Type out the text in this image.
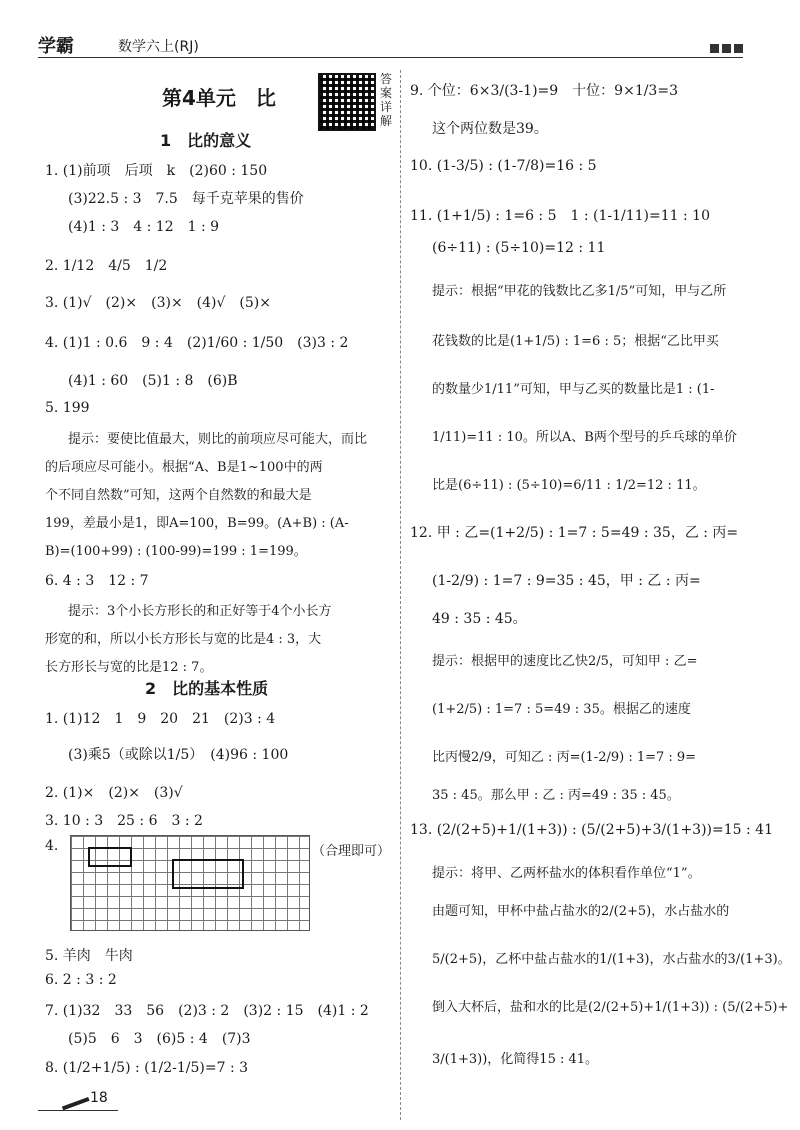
学霸	数学六上(RJ)
第4单元　比
答案详解
1　比的意义
1. (1)前项　后项　k　(2)60 : 150
(3)22.5 : 3　7.5　每千克苹果的售价
(4)1 : 3　4 : 12　1 : 9
2. 1/12　4/5　1/2
3. (1)√　(2)×　(3)×　(4)√　(5)×
4. (1)1 : 0.6　9 : 4　(2)1/60 : 1/50　(3)3 : 2
(4)1 : 60　(5)1 : 8　(6)B
5. 199
提示：要使比值最大，则比的前项应尽可能大，而比
的后项应尽可能小。根据“A、B是1~100中的两
个不同自然数”可知，这两个自然数的和最大是
199，差最小是1，即A=100，B=99。(A+B) : (A-
B)=(100+99) : (100-99)=199 : 1=199。
6. 4 : 3　12 : 7
提示：3个小长方形长的和正好等于4个小长方
形宽的和，所以小长方形长与宽的比是4 : 3，大
长方形长与宽的比是12 : 7。
2　比的基本性质
1. (1)12　1　9　20　21　(2)3 : 4
(3)乘5（或除以1/5）　(4)96 : 100
2. (1)×　(2)×　(3)√
3. 10 : 3　25 : 6　3 : 2
4.	（合理即可）
5. 羊肉　牛肉
6. 2 : 3 : 2
7. (1)32　33　56　(2)3 : 2　(3)2 : 15　(4)1 : 2
(5)5　6　3　(6)5 : 4　(7)3
8. (1/2+1/5) : (1/2-1/5)=7 : 3
9. 个位：6×3/(3-1)=9　十位：9×1/3=3
这个两位数是39。
10. (1-3/5) : (1-7/8)=16 : 5
11. (1+1/5) : 1=6 : 5　1 : (1-1/11)=11 : 10
(6÷11) : (5÷10)=12 : 11
提示：根据“甲花的钱数比乙多1/5”可知，甲与乙所
花钱数的比是(1+1/5) : 1=6 : 5；根据“乙比甲买
的数量少1/11”可知，甲与乙买的数量比是1 : (1-
1/11)=11 : 10。所以A、B两个型号的乒乓球的单价
比是(6÷11) : (5÷10)=6/11 : 1/2=12 : 11。
12. 甲 : 乙=(1+2/5) : 1=7 : 5=49 : 35，乙 : 丙=
(1-2/9) : 1=7 : 9=35 : 45，甲 : 乙 : 丙=
49 : 35 : 45。
提示：根据甲的速度比乙快2/5，可知甲 : 乙=
(1+2/5) : 1=7 : 5=49 : 35。根据乙的速度
比丙慢2/9，可知乙 : 丙=(1-2/9) : 1=7 : 9=
35 : 45。那么甲 : 乙 : 丙=49 : 35 : 45。
13. (2/(2+5)+1/(1+3)) : (5/(2+5)+3/(1+3))=15 : 41
提示：将甲、乙两杯盐水的体积看作单位“1”。
由题可知，甲杯中盐占盐水的2/(2+5)，水占盐水的
5/(2+5)，乙杯中盐占盐水的1/(1+3)，水占盐水的3/(1+3)。
倒入大杯后，盐和水的比是(2/(2+5)+1/(1+3)) : (5/(2+5)+
3/(1+3))，化简得15 : 41。
18
